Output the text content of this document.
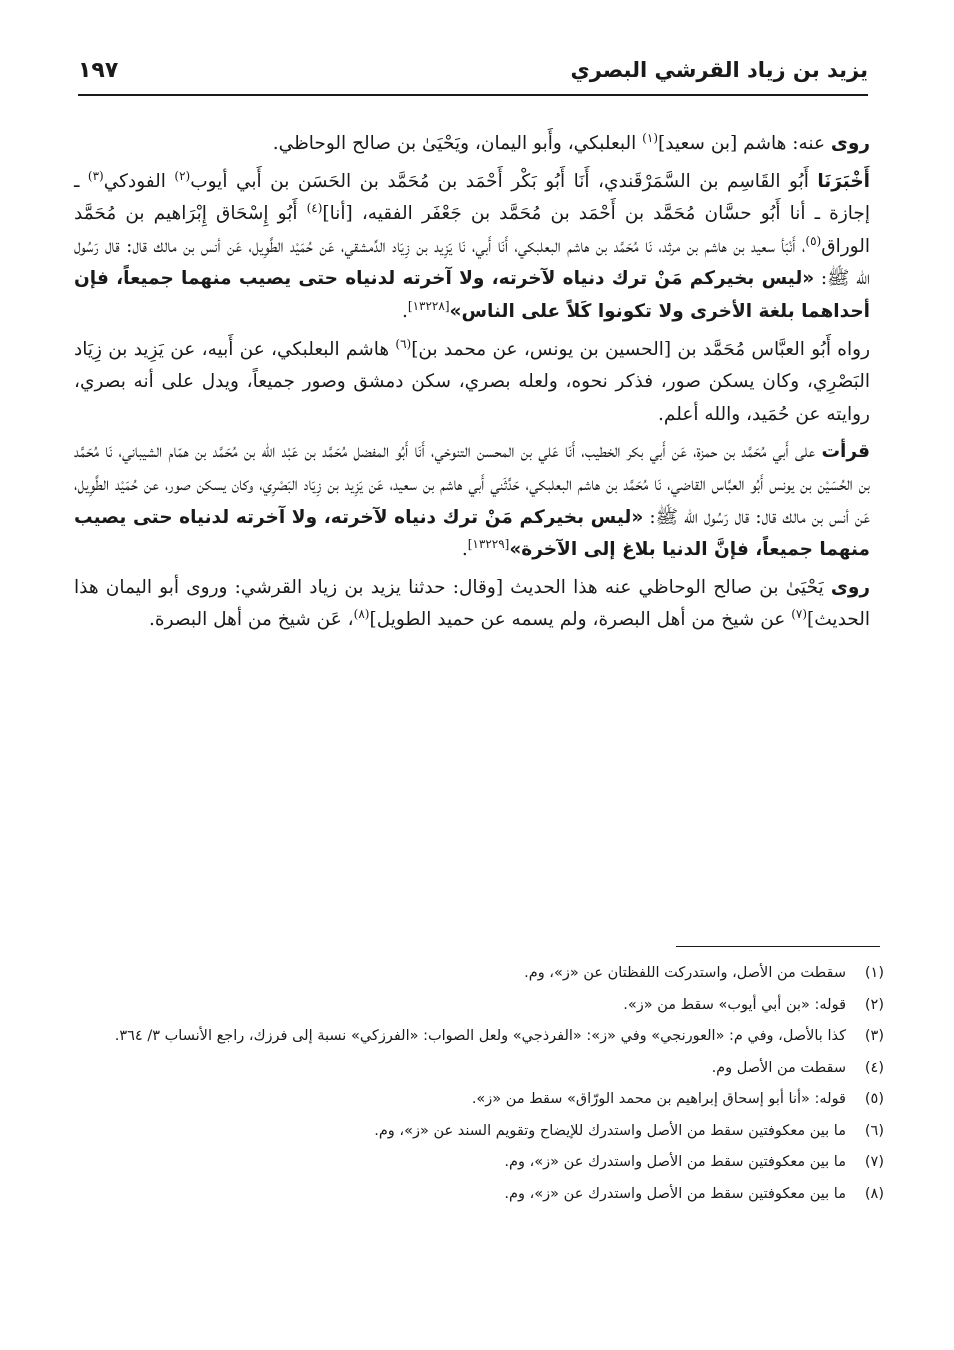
يزيد بن زياد القرشي البصري
١٩٧

روى عنه: هاشم [بن سعيد]$^{(١)}$ البعلبكي، وأَبو اليمان، ويَحْيَىٰ بن صالح الوحاظي.

أَخْبَرَنَا أَبُو القَاسِم بن السَّمَرْقَندي، أَنَا أَبُو بَكْر أَحْمَد بن مُحَمَّد بن الحَسَن بن أَبي أيوب$^{(٢)}$ الفودكي$^{(٣)}$ ـ إجازة ـ أنا أَبُو حسَّان مُحَمَّد بن أَحْمَد بن مُحَمَّد بن جَعْفَر الفقيه، [أنا]$^{(٤)}$ أَبُو إِسْحَاق إِبْرَاهيم بن مُحَمَّد الوراق$^{(٥)}$، أَنْبَأ سعيد بن هاشم بن مرثد، نَا مُحَمَّد بن هاشم البعلبكي، أَنَا أَبي، نَا يَزِيد بن زِيَاد الدِّمشقي، عَن حُمَيْد الطَّوِيل، عَن أنس بن مالك قال: قال رَسُول الله ﷺ: «ليس بخيركم مَنْ ترك دنياه لآخرته، ولا آخرته لدنياه حتى يصيب منهما جميعاً، فإن أحداهما بلغة الأخرى ولا تكونوا كَلاً على الناس»[١٣٢٢٨].

رواه أَبُو العبَّاس مُحَمَّد بن [الحسين بن يونس، عن محمد بن]$^{(٦)}$ هاشم البعلبكي، عن أَبيه، عن يَزِيد بن زِيَاد البَصْرِي، وكان يسكن صور، فذكر نحوه، ولعله بصري، سكن دمشق وصور جميعاً، ويدل على أنه بصري، روايته عن حُمَيد، والله أعلم.

قرأت على أَبي مُحَمَّد بن حمزة، عَن أَبي بكر الخطيب، أَنَا عَلي بن المحسن التنوخي، أَنَا أَبُو المفضل مُحَمَّد بن عَبْد الله بن مُحَمَّد بن همّام الشيباني، نَا مُحَمَّد بن الحُسَيْن بن يونس أَبُو العبَّاس القاضي، نَا مُحَمَّد بن هاشم البعلبكي، حَدَّثَني أَبي هاشم بن سعيد، عَن يَزِيد بن زِيَاد البَصْرِي، وكان يسكن صور، عن حُمَيْد الطَّوِيل، عَن أنس بن مالك قال: قال رَسُول الله ﷺ: «ليس بخيركم مَنْ ترك دنياه لآخرته، ولا آخرته لدنياه حتى يصيب منهما جميعاً، فإنَّ الدنيا بلاغ إلى الآخرة»[١٣٢٢٩].

روى يَحْيَىٰ بن صالح الوحاظي عنه هذا الحديث [وقال: حدثنا يزيد بن زياد القرشي: وروى أبو اليمان هذا الحديث]$^{(٧)}$ عن شيخ من أهل البصرة، ولم يسمه عن حميد الطويل]$^{(٨)}$، عَن شيخ من أهل البصرة.

(١)
سقطت من الأصل، واستدركت اللفظتان عن «ز»، وم.
(٢)
قوله: «بن أبي أيوب» سقط من «ز».
(٣)
كذا بالأصل، وفي م: «العورنجي» وفي «ز»: «الفرذجي» ولعل الصواب: «الفرزكي» نسبة إلى فرزك، راجع الأنساب ٣/ ٣٦٤.
(٤)
سقطت من الأصل وم.
(٥)
قوله: «أنا أبو إسحاق إبراهيم بن محمد الورّاق» سقط من «ز».
(٦)
ما بين معكوفتين سقط من الأصل واستدرك للإيضاح وتقويم السند عن «ز»، وم.
(٧)
ما بين معكوفتين سقط من الأصل واستدرك عن «ز»، وم.
(٨)
ما بين معكوفتين سقط من الأصل واستدرك عن «ز»، وم.
